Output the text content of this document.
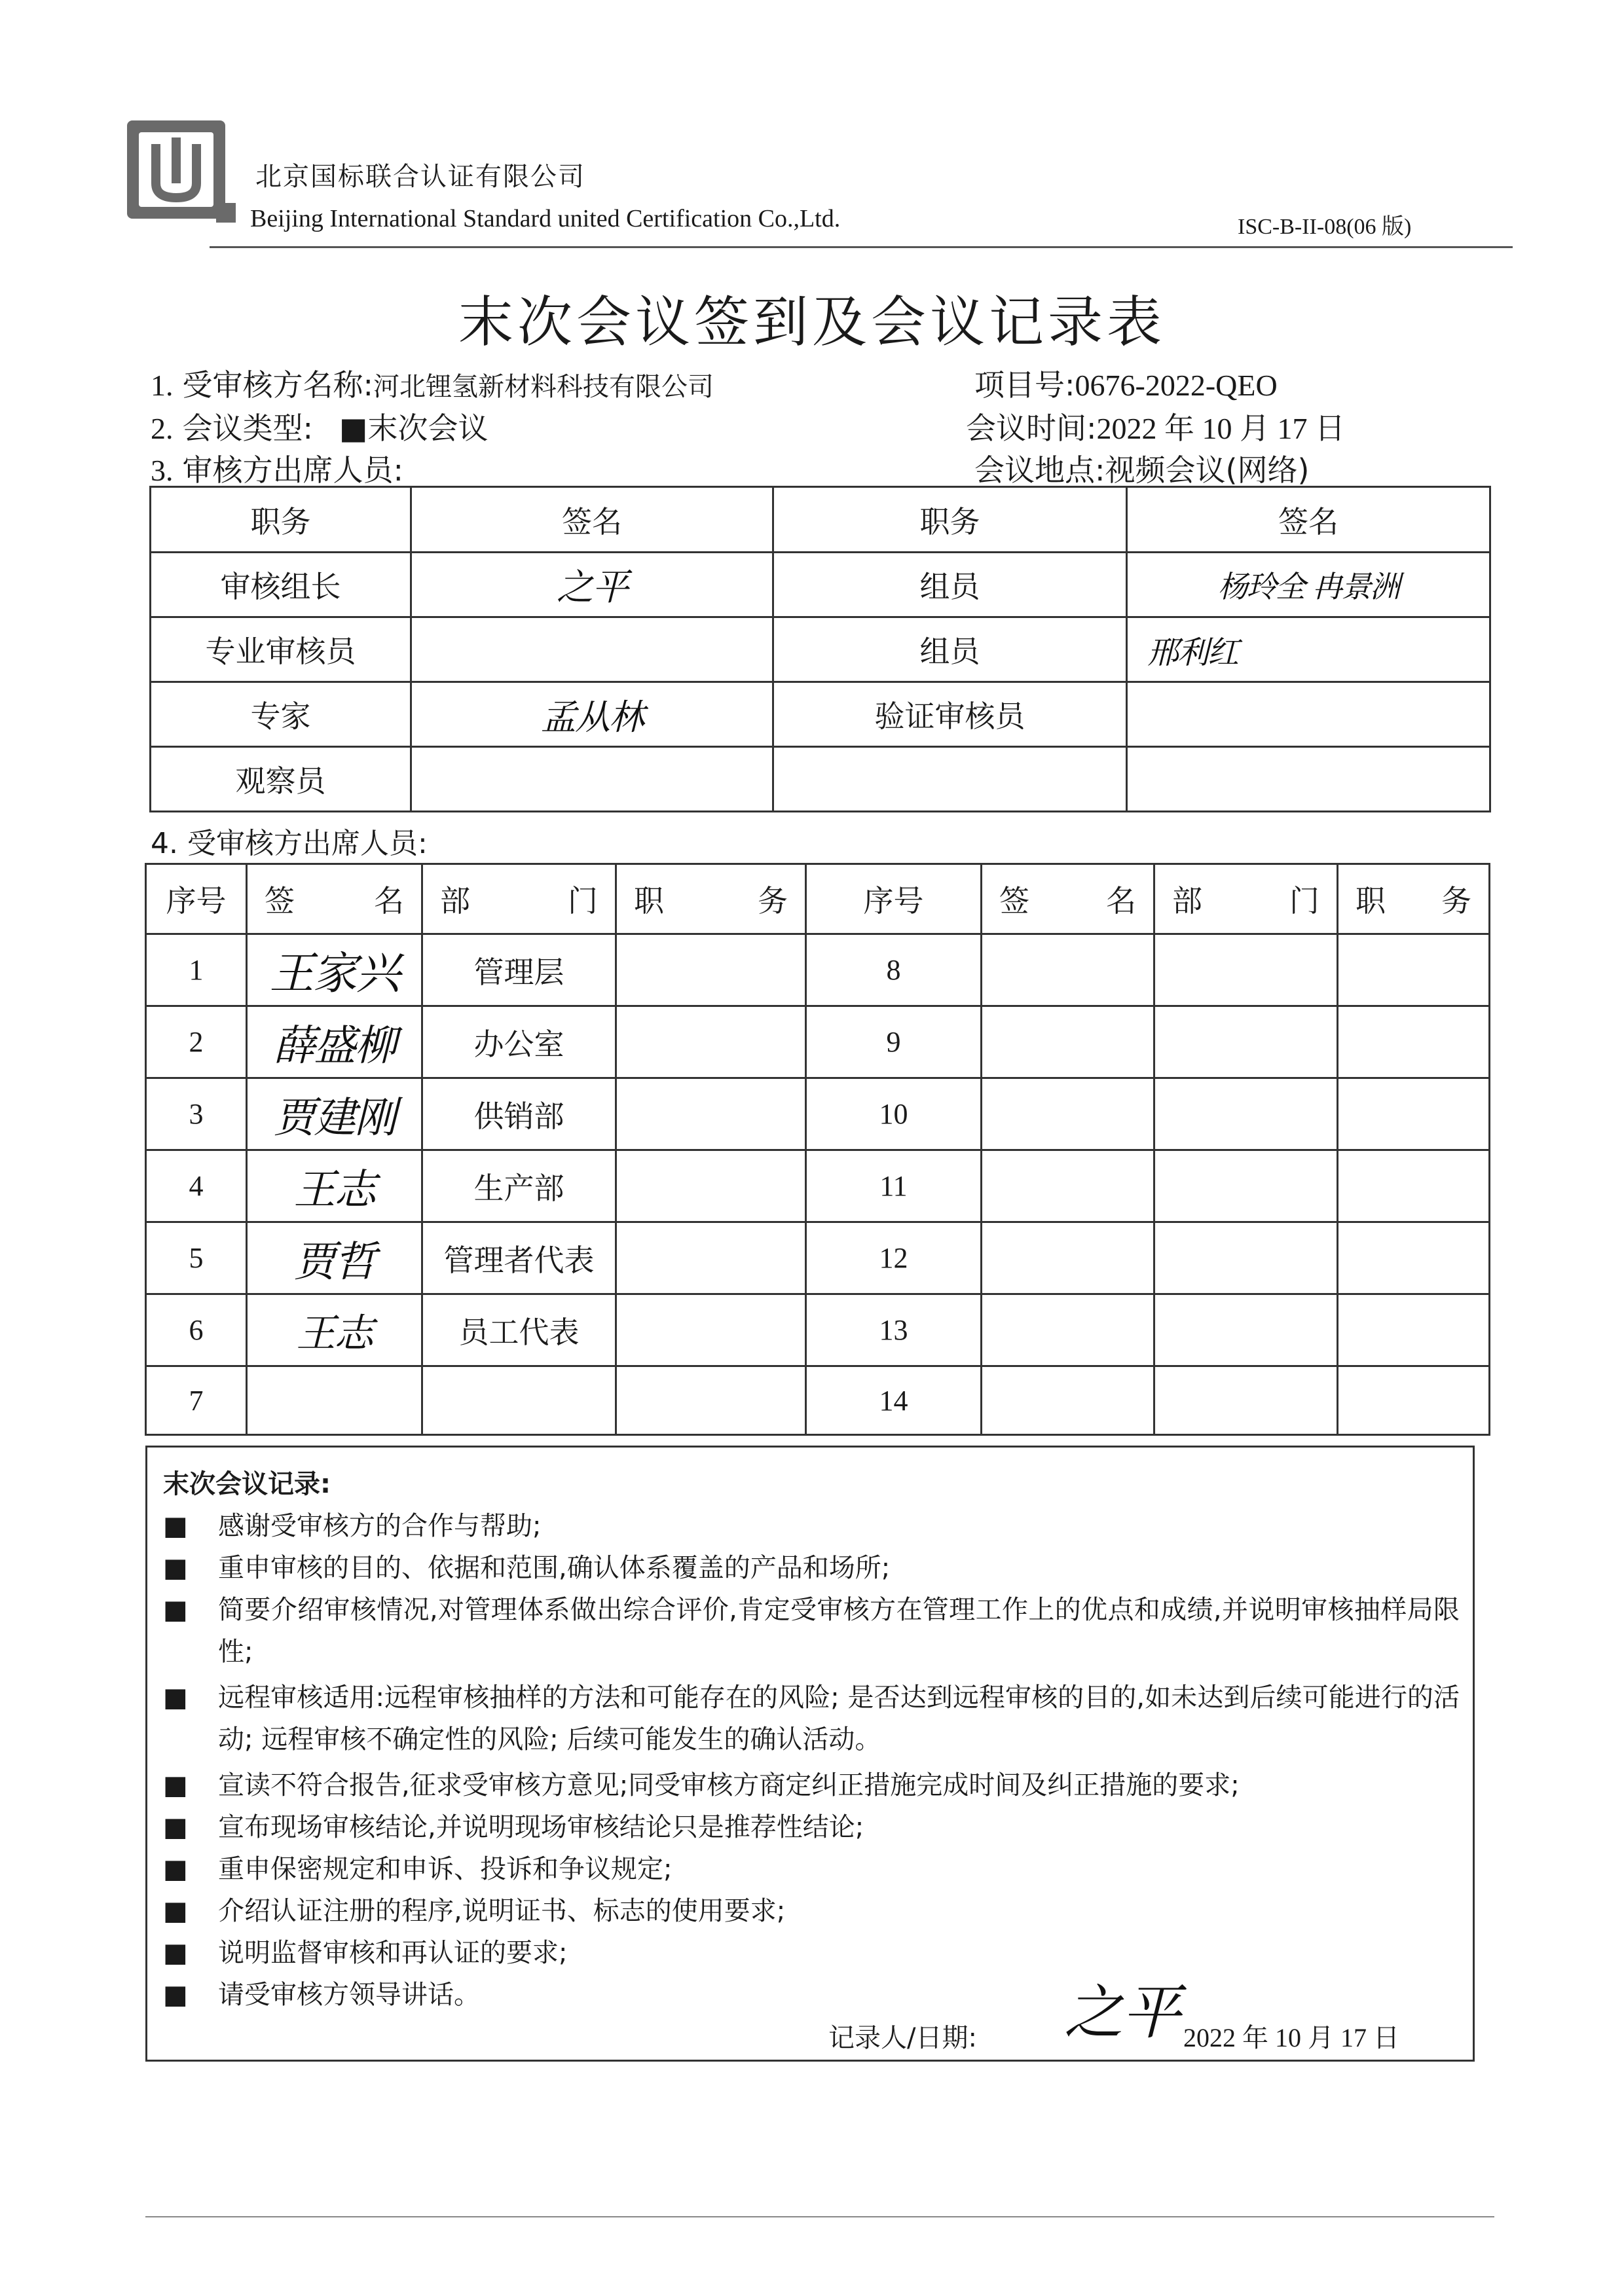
北京国标联合认证有限公司
Beijing International Standard united Certification Co.,Ltd.	ISC-B-II-08(06 版)
末次会议签到及会议记录表
1. 受审核方名称:河北锂氢新材料科技有限公司	项目号:0676-2022-QEO
2. 会议类型: ■末次会议	会议时间:2022 年 10 月 17 日
3. 审核方出席人员:	会议地点:视频会议(网络)
职务	签名	职务	签名
审核组长	之平	组员	杨玲全 冉景洲
专业审核员		组员	邢利红
专家	孟从林	验证审核员	
观察员			
4. 受审核方出席人员:
序号	签 名	部 门	职 务	序号	签 名	部 门	职 务

1	王家兴	管理层		8			
2	薛盛柳	办公室		9			
3	贾建刚	供销部		10			
4	王志	生产部		11			
5	贾哲	管理者代表		12			
6	王志	员工代表		13			
7				14			
末次会议记录:
■ 感谢受审核方的合作与帮助;
■ 重申审核的目的、依据和范围,确认体系覆盖的产品和场所;
■ 简要介绍审核情况,对管理体系做出综合评价,肯定受审核方在管理工作上的优点和成绩,并说明审核抽样局限性;
■ 远程审核适用:远程审核抽样的方法和可能存在的风险; 是否达到远程审核的目的,如未达到后续可能进行的活动; 远程审核不确定性的风险; 后续可能发生的确认活动。
■ 宣读不符合报告,征求受审核方意见;同受审核方商定纠正措施完成时间及纠正措施的要求;
■ 宣布现场审核结论,并说明现场审核结论只是推荐性结论;
■ 重申保密规定和申诉、投诉和争议规定;
■ 介绍认证注册的程序,说明证书、标志的使用要求;
■ 说明监督审核和再认证的要求;
■ 请受审核方领导讲话。
记录人/日期: 之平 2022 年 10 月 17 日
